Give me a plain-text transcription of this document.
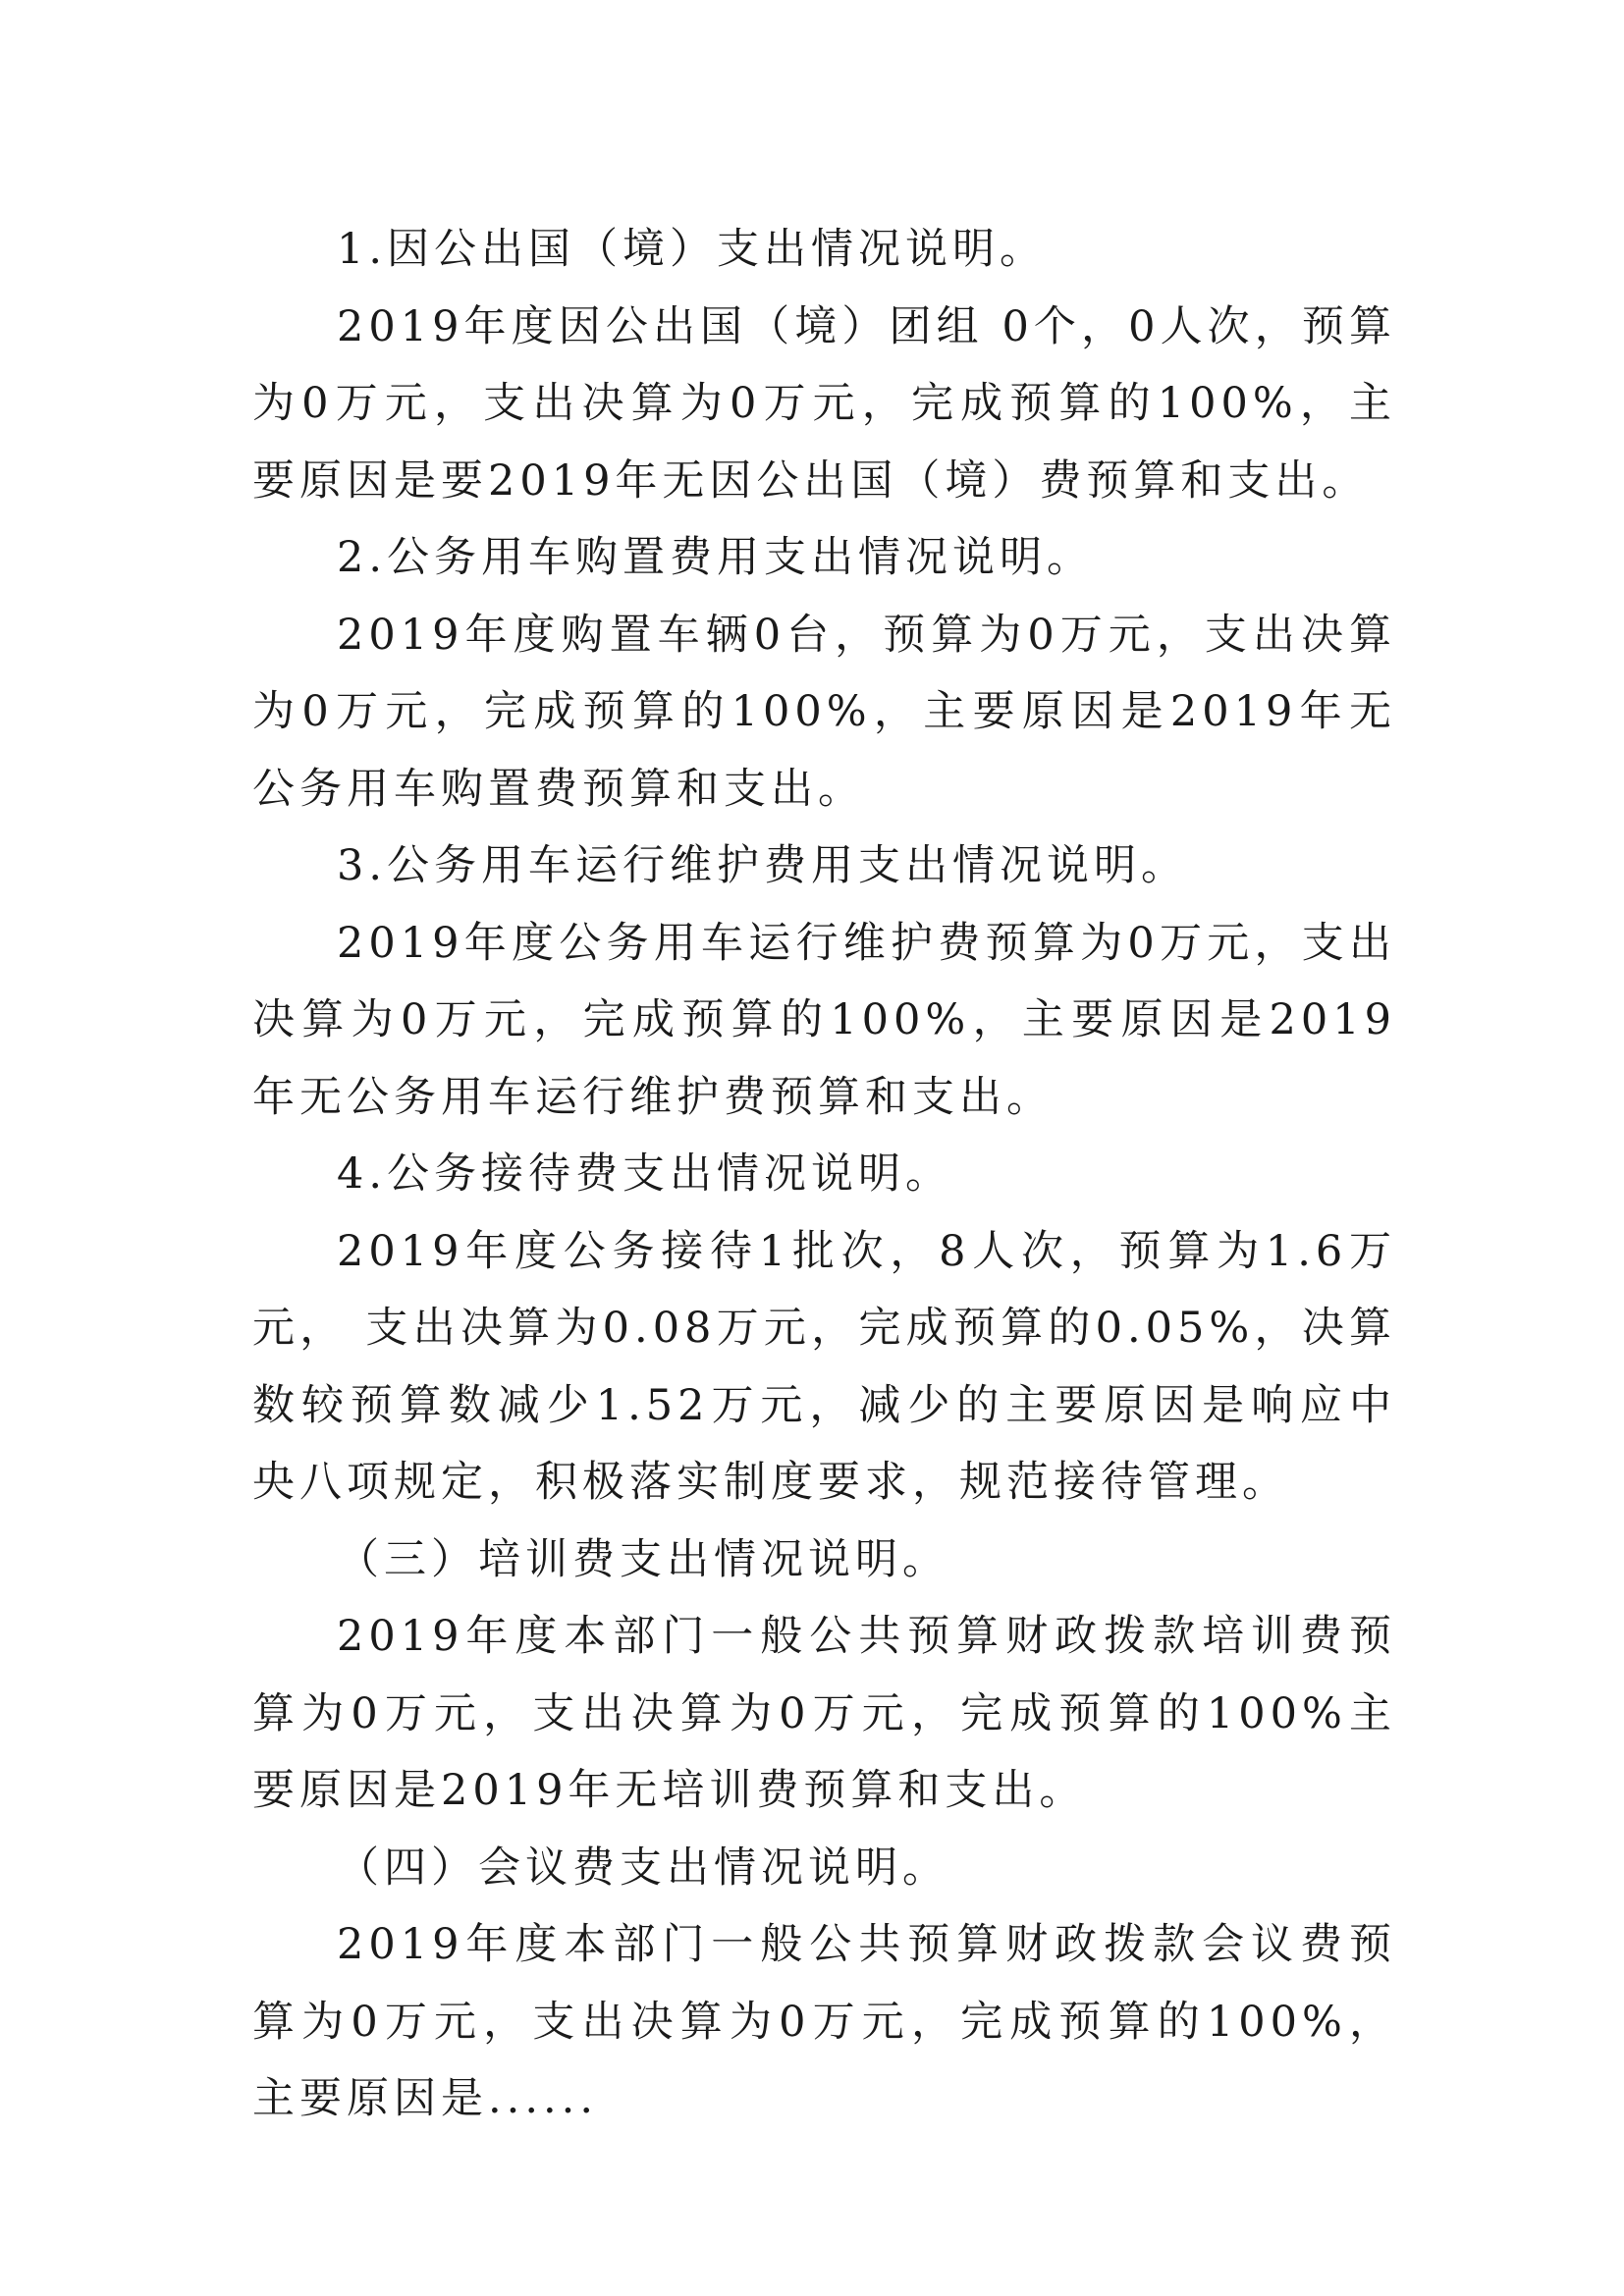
1.因公出国（境）支出情况说明。

2019年度因公出国（境）团组 0个，0人次，预算为0万元，支出决算为0万元，完成预算的100%，主要原因是要2019年无因公出国（境）费预算和支出。

2.公务用车购置费用支出情况说明。

2019年度购置车辆0台，预算为0万元，支出决算为0万元，完成预算的100%，主要原因是2019年无公务用车购置费预算和支出。

3.公务用车运行维护费用支出情况说明。

2019年度公务用车运行维护费预算为0万元，支出决算为0万元，完成预算的100%，主要原因是2019年无公务用车运行维护费预算和支出。

4.公务接待费支出情况说明。

2019年度公务接待1批次，8人次，预算为1.6万元， 支出决算为0.08万元，完成预算的0.05%，决算数较预算数减少1.52万元，减少的主要原因是响应中央八项规定，积极落实制度要求，规范接待管理。

（三）培训费支出情况说明。

2019年度本部门一般公共预算财政拨款培训费预算为0万元，支出决算为0万元，完成预算的100%主要原因是2019年无培训费预算和支出。

（四）会议费支出情况说明。

2019年度本部门一般公共预算财政拨款会议费预算为0万元，支出决算为0万元，完成预算的100%，主要原因是......
